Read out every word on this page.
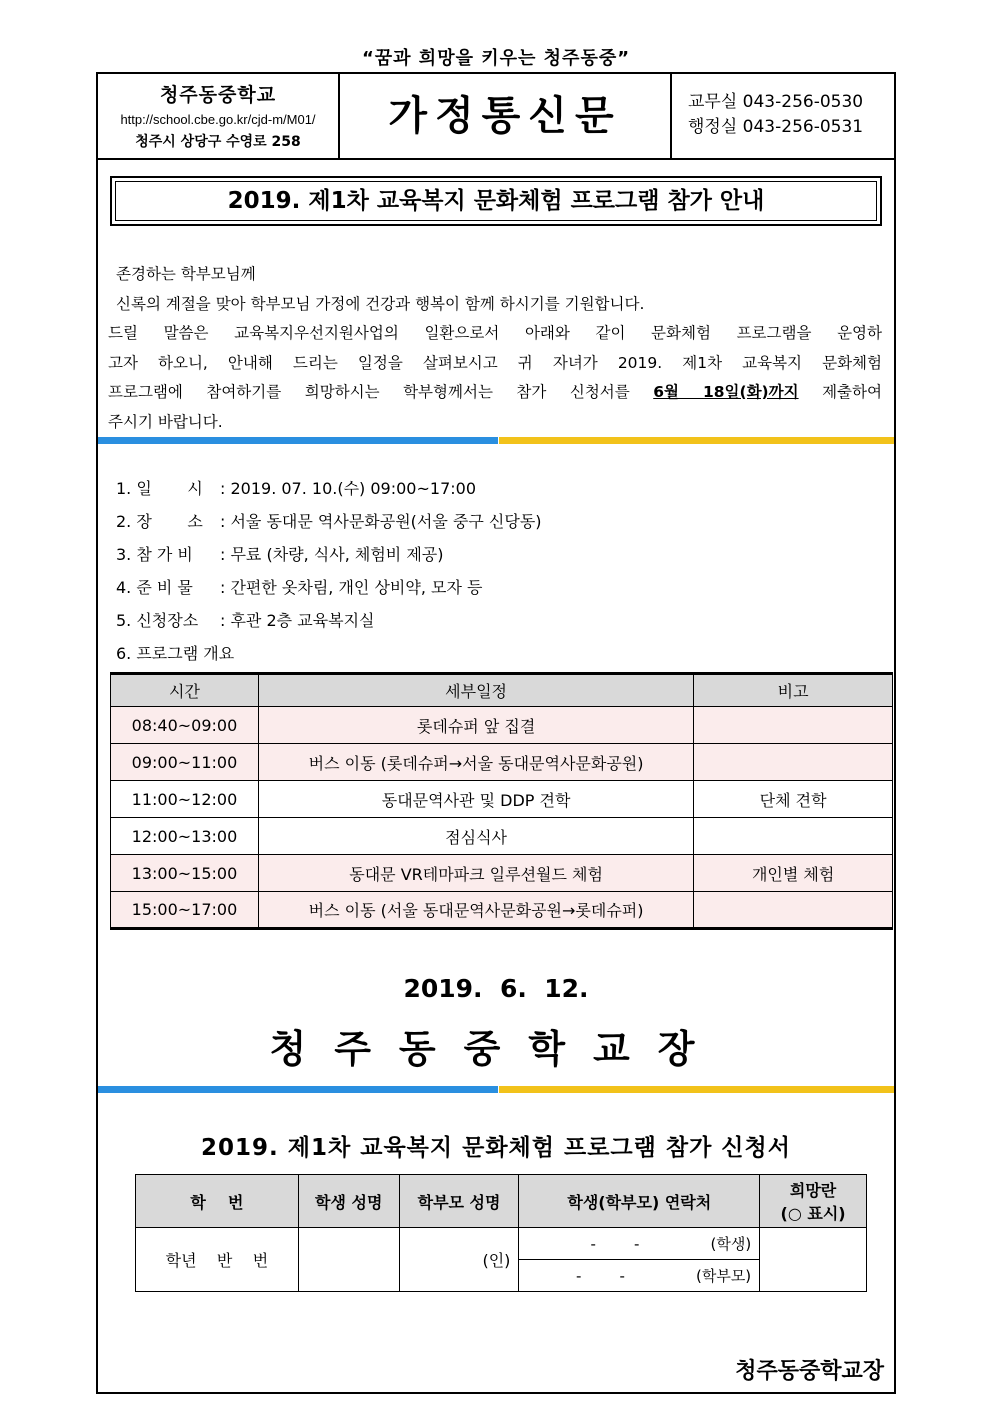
“꿈과 희망을 키우는 청주동중”
청주동중학교
http://school.cbe.go.kr/cjd-m/M01/
청주시 상당구 수영로 258
가정통신문	교무실 043-256-0530
행정실 043-256-0531
2019. 제1차 교육복지 문화체험 프로그램 참가 안내
존경하는 학부모님께
신록의 계절을 맞아 학부모님 가정에 건강과 행복이 함께 하시기를 기원합니다.

드릴 말씀은 교육복지우선지원사업의 일환으로서 아래와 같이 문화체험 프로그램을 운영하

고자 하오니, 안내해 드리는 일정을 살펴보시고 귀 자녀가 2019. 제1차 교육복지 문화체험

프로그램에 참여하기를 희망하시는 학부형께서는 참가 신청서를 6월 18일(화)까지 제출하여

주시기 바랍니다.

1. 일       시 : 2019. 07. 10.(수) 09:00~17:00
2. 장       소 : 서울 동대문 역사문화공원(서울 중구 신당동)
3. 참 가 비 : 무료 (차량, 식사, 체험비 제공)
4. 준 비 물 : 간편한 옷차림, 개인 상비약, 모자 등
5. 신청장소 : 후관 2층 교육복지실
6. 프로그램 개요
시간	세부일정	비고
08:40~09:00	롯데슈퍼 앞 집결	
09:00~11:00	버스 이동 (롯데슈퍼→서울 동대문역사문화공원)	
11:00~12:00	동대문역사관 및 DDP 견학	단체 견학
12:00~13:00	점심식사	
13:00~15:00	동대문 VR테마파크 일루션월드 체험	개인별 체험
15:00~17:00	버스 이동 (서울 동대문역사문화공원→롯데슈퍼)	
2019.  6.  12.
청주동중학교장
2019. 제1차 교육복지 문화체험 프로그램 참가 신청서
학    번	학생 성명	학부모 성명	학생(학부모) 연락처	희망란
(○ 표시)

학년    반    번		(인)	-        - (학생)	
			-        - (학부모)	
청주동중학교장
